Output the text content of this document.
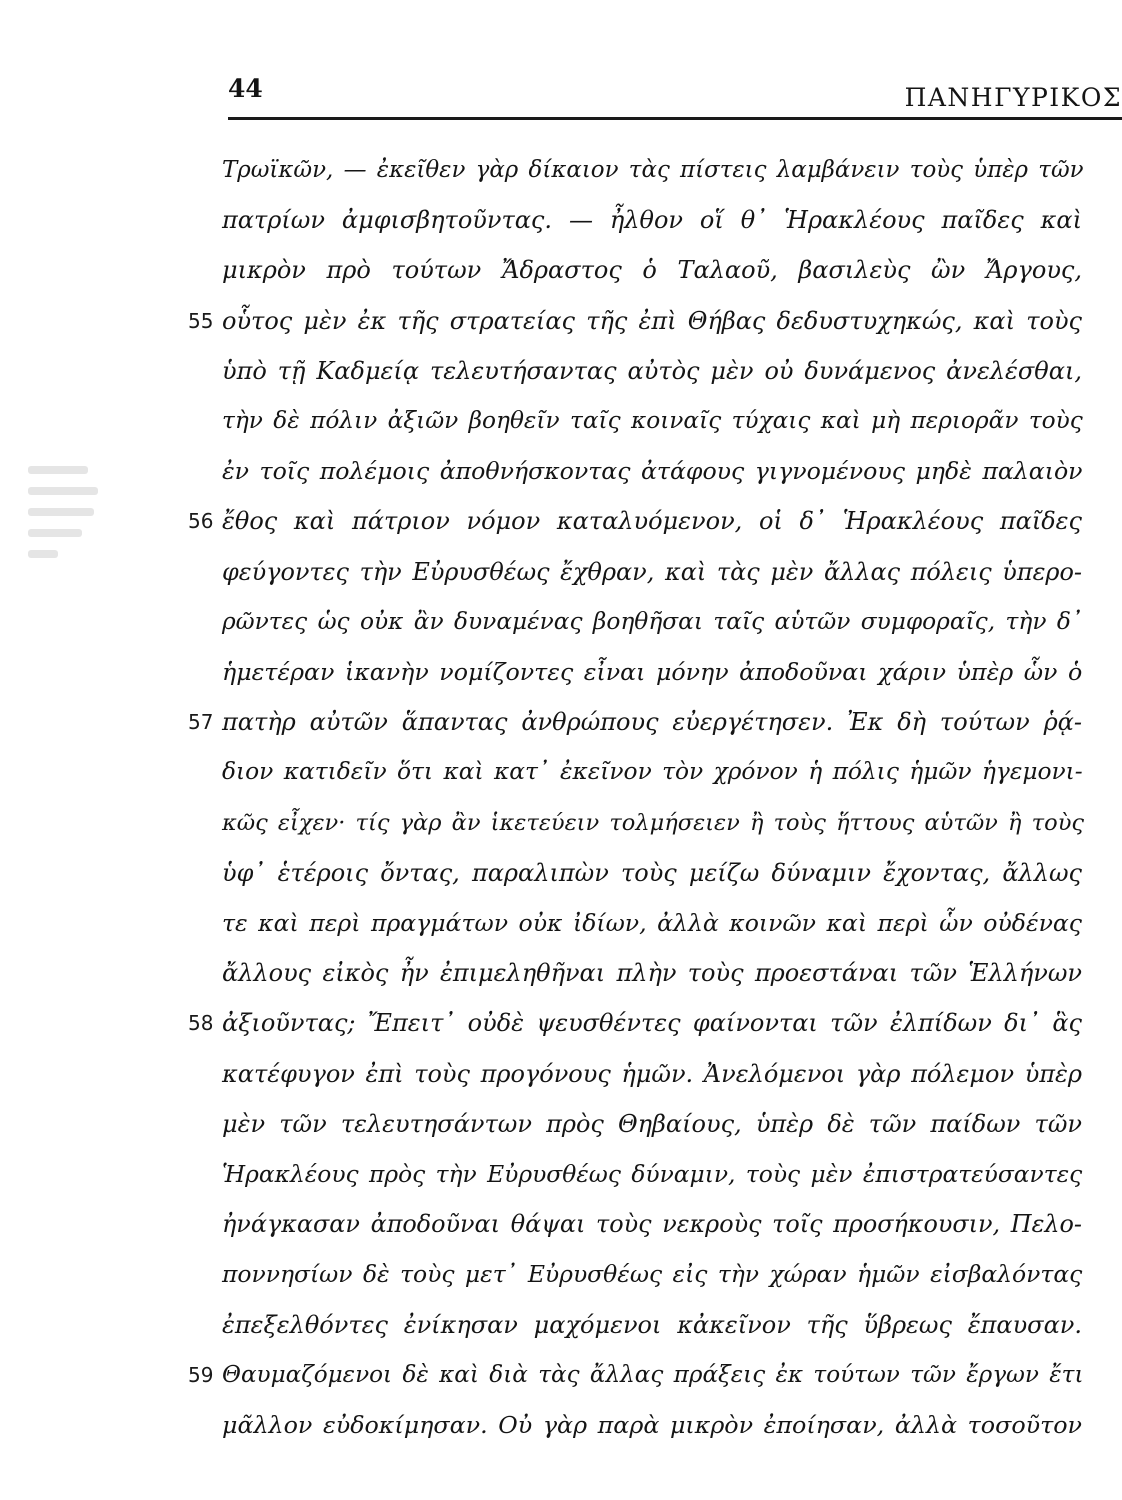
44	ΠΑΝΗΓΥΡΙΚΟΣ
Τρωϊκῶν, — ἐκεῖθεν γὰρ δίκαιον τὰς πίστεις λαμβάνειν τοὺς ὑπὲρ τῶν
πατρίων ἀμφισβητοῦντας. — ἦλθον οἵ θ᾽ Ἡρακλέους παῖδες καὶ
μικρὸν πρὸ τούτων Ἄδραστος ὁ Ταλαοῦ, βασιλεὺς ὢν Ἄργους,
55 οὗτος μὲν ἐκ τῆς στρατείας τῆς ἐπὶ Θήβας δεδυστυχηκώς, καὶ τοὺς
ὑπὸ τῇ Καδμείᾳ τελευτήσαντας αὐτὸς μὲν οὐ δυνάμενος ἀνελέσθαι,
τὴν δὲ πόλιν ἀξιῶν βοηθεῖν ταῖς κοιναῖς τύχαις καὶ μὴ περιορᾶν τοὺς
ἐν τοῖς πολέμοις ἀποθνήσκοντας ἀτάφους γιγνομένους μηδὲ παλαιὸν
56 ἔθος καὶ πάτριον νόμον καταλυόμενον, οἱ δ᾽ Ἡρακλέους παῖδες
φεύγοντες τὴν Εὐρυσθέως ἔχθραν, καὶ τὰς μὲν ἄλλας πόλεις ὑπερο-
ρῶντες ὡς οὐκ ἂν δυναμένας βοηθῆσαι ταῖς αὑτῶν συμφοραῖς, τὴν δ᾽
ἡμετέραν ἱκανὴν νομίζοντες εἶναι μόνην ἀποδοῦναι χάριν ὑπὲρ ὧν ὁ
57 πατὴρ αὐτῶν ἅπαντας ἀνθρώπους εὐεργέτησεν. Ἐκ δὴ τούτων ῥᾴ-
διον κατιδεῖν ὅτι καὶ κατ᾽ ἐκεῖνον τὸν χρόνον ἡ πόλις ἡμῶν ἡγεμονι-
κῶς εἶχεν· τίς γὰρ ἂν ἱκετεύειν τολμήσειεν ἢ τοὺς ἥττους αὑτῶν ἢ τοὺς
ὑφ᾽ ἑτέροις ὄντας, παραλιπὼν τοὺς μείζω δύναμιν ἔχοντας, ἄλλως
τε καὶ περὶ πραγμάτων οὐκ ἰδίων, ἀλλὰ κοινῶν καὶ περὶ ὧν οὐδένας
ἄλλους εἰκὸς ἦν ἐπιμεληθῆναι πλὴν τοὺς προεστάναι τῶν Ἑλλήνων
58 ἀξιοῦντας; Ἔπειτ᾽ οὐδὲ ψευσθέντες φαίνονται τῶν ἐλπίδων δι᾽ ἃς
κατέφυγον ἐπὶ τοὺς προγόνους ἡμῶν. Ἀνελόμενοι γὰρ πόλεμον ὑπὲρ
μὲν τῶν τελευτησάντων πρὸς Θηβαίους, ὑπὲρ δὲ τῶν παίδων τῶν
Ἡρακλέους πρὸς τὴν Εὐρυσθέως δύναμιν, τοὺς μὲν ἐπιστρατεύσαντες
ἠνάγκασαν ἀποδοῦναι θάψαι τοὺς νεκροὺς τοῖς προσήκουσιν, Πελο-
ποννησίων δὲ τοὺς μετ᾽ Εὐρυσθέως εἰς τὴν χώραν ἡμῶν εἰσβαλόντας
ἐπεξελθόντες ἐνίκησαν μαχόμενοι κἀκεῖνον τῆς ὕβρεως ἔπαυσαν.
59 Θαυμαζόμενοι δὲ καὶ διὰ τὰς ἄλλας πράξεις ἐκ τούτων τῶν ἔργων ἔτι
μᾶλλον εὐδοκίμησαν. Οὐ γὰρ παρὰ μικρὸν ἐποίησαν, ἀλλὰ τοσοῦτον
